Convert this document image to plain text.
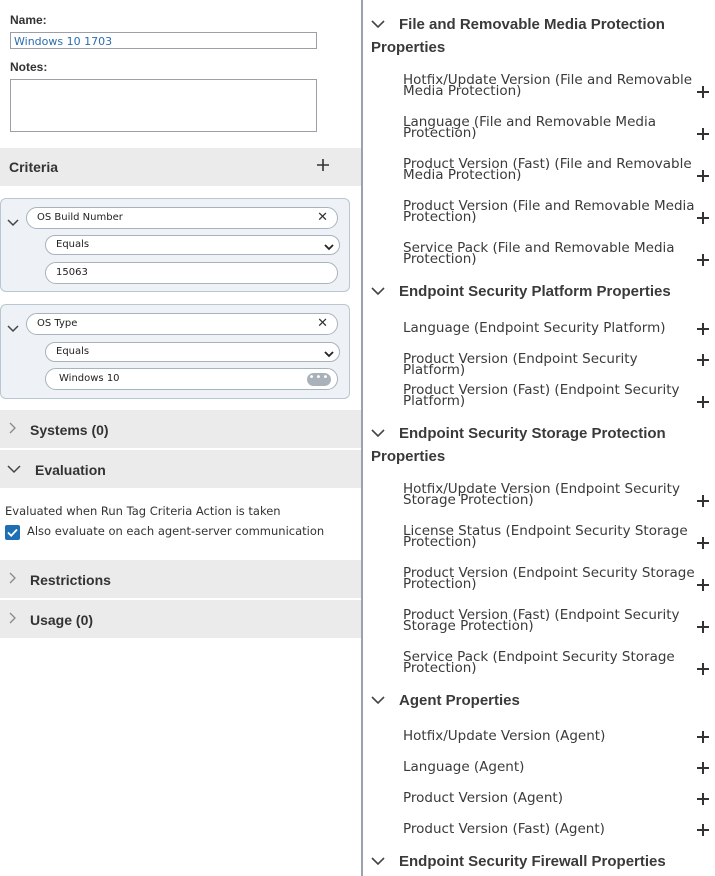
Name:
Windows 10 1703
Notes:
Criteria
OS Build Number	✕
Equals
15063
OS Type	✕
Equals
Windows 10	•••
Systems (0)
Evaluation
Evaluated when Run Tag Criteria Action is taken
Also evaluate on each agent-server communication
Restrictions
Usage (0)
File and Removable Media Protection Properties
Hotfix/Update Version (File and Removable Media Protection)
Language (File and Removable Media Protection)
Product Version (Fast) (File and Removable Media Protection)
Product Version (File and Removable Media Protection)
Service Pack (File and Removable Media Protection)
Endpoint Security Platform Properties
Language (Endpoint Security Platform)
Product Version (Endpoint Security Platform)
Product Version (Fast) (Endpoint Security Platform)
Endpoint Security Storage Protection Properties
Hotfix/Update Version (Endpoint Security Storage Protection)
License Status (Endpoint Security Storage Protection)
Product Version (Endpoint Security Storage Protection)
Product Version (Fast) (Endpoint Security Storage Protection)
Service Pack (Endpoint Security Storage Protection)
Agent Properties
Hotfix/Update Version (Agent)
Language (Agent)
Product Version (Agent)
Product Version (Fast) (Agent)
Endpoint Security Firewall Properties
